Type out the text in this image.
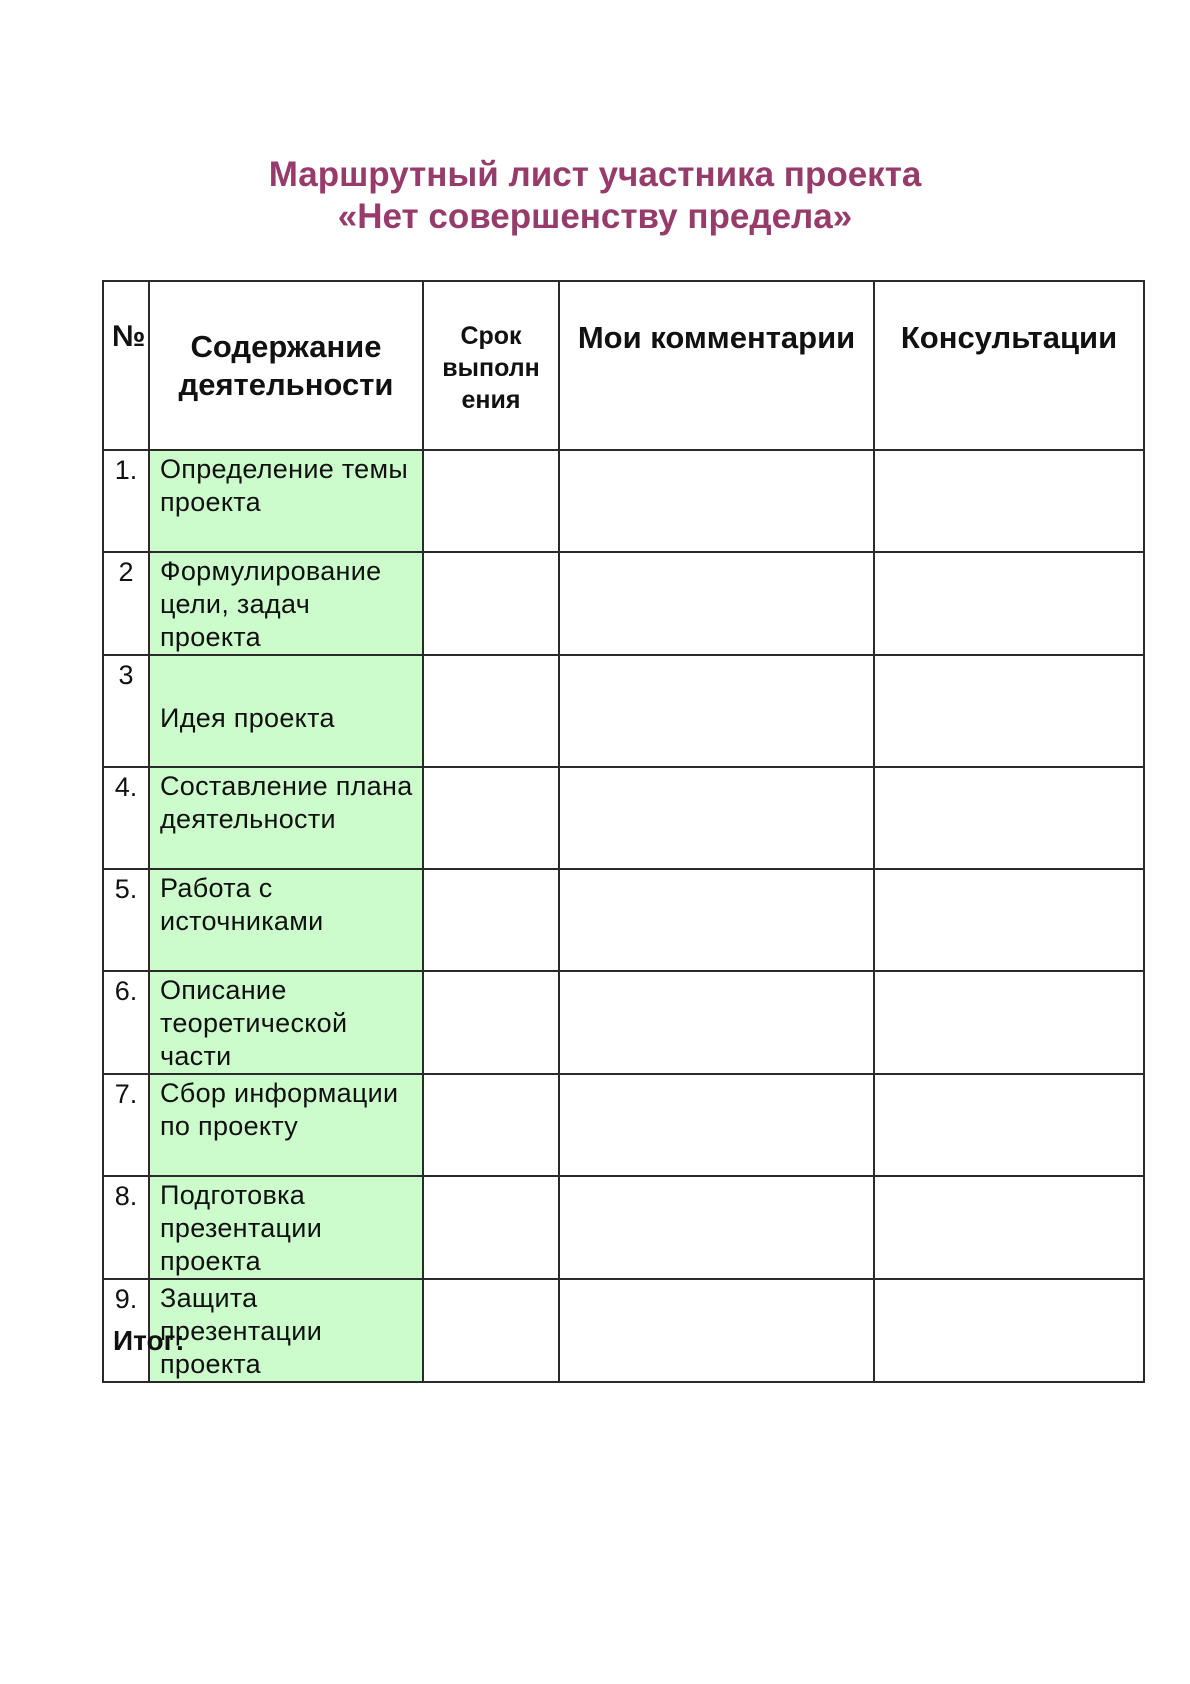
Маршрутный лист участника проекта
«Нет совершенству предела»
№	Содержание деятельности	Срок выполн ения	Мои комментарии	Консультации
1.	Определение темы проекта			
2	Формулирование цели, задач проекта			
3	Идея проекта			
4.	Составление плана деятельности			
5.	Работа с источниками			
6.	Описание теоретической части			
7.	Сбор информации по проекту			
8.	Подготовка презентации проекта			
9.	Защита презентации проекта			
Итог:
